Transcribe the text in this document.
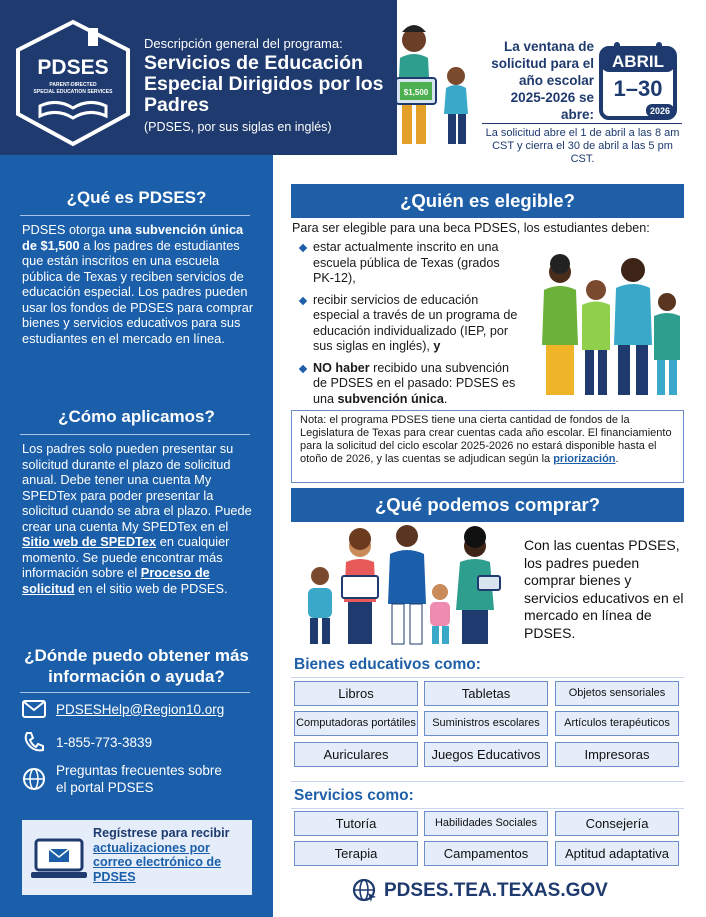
PDSES
PARENT-DIRECTED
SPECIAL EDUCATION SERVICES
Descripción general del programa:
Servicios de Educación Especial Dirigidos por los Padres
(PDSES, por sus siglas en inglés)
$1,500
La ventana de solicitud para el año escolar 2025-2026 se abre:
ABRIL
1–30
2026
La solicitud abre el 1 de abril a las 8 am CST y cierra el 30 de abril a las 5 pm CST.
¿Qué es PDSES?
PDSES otorga una subvención única de $1,500 a los padres de estudiantes que están inscritos en una escuela pública de Texas y reciben servicios de educación especial. Los padres pueden usar los fondos de PDSES para comprar bienes y servicios educativos para sus estudiantes en el mercado en línea.
¿Cómo aplicamos?
Los padres solo pueden presentar su solicitud durante el plazo de solicitud anual. Debe tener una cuenta My SPEDTex para poder presentar la solicitud cuando se abra el plazo. Puede crear una cuenta My SPEDTex en el Sitio web de SPEDTex en cualquier momento. Se puede encontrar más información sobre el Proceso de solicitud en el sitio web de PDSES.
¿Dónde puedo obtener más información o ayuda?
PDSESHelp@Region10.org
1-855-773-3839
Preguntas frecuentes sobre el portal PDSES
Regístrese para recibir actualizaciones por correo electrónico de PDSES
¿Quién es elegible?
Para ser elegible para una beca PDSES, los estudiantes deben:
estar actualmente inscrito en una escuela pública de Texas (grados PK-12),
recibir servicios de educación especial a través de un programa de educación individualizado (IEP, por sus siglas en inglés), y
NO haber recibido una subvención de PDSES en el pasado: PDSES es una subvención única.
Nota: el programa PDSES tiene una cierta cantidad de fondos de la Legislatura de Texas para crear cuentas cada año escolar. El financiamiento para la solicitud del ciclo escolar 2025-2026 no estará disponible hasta el otoño de 2026, y las cuentas se adjudican según la priorización.
¿Qué podemos comprar?
Con las cuentas PDSES, los padres pueden comprar bienes y servicios educativos en el mercado en línea de PDSES.
Bienes educativos como:
Libros	Tabletas	Objetos sensoriales
Computadoras portátiles	Suministros escolares	Artículos terapéuticos
Auriculares	Juegos Educativos	Impresoras
Servicios como:
Tutoría	Habilidades Sociales	Consejería
Terapia	Campamentos	Aptitud adaptativa
PDSES.TEA.TEXAS.GOV
